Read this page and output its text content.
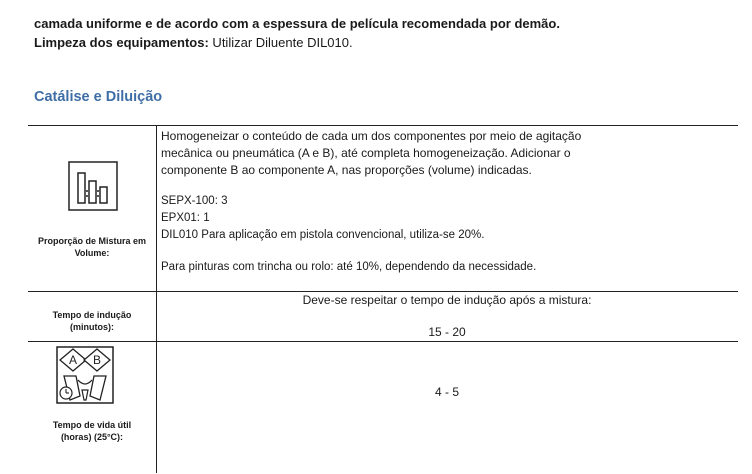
camada uniforme e de acordo com a espessura de película recomendada por demão.
Limpeza dos equipamentos: Utilizar Diluente DIL010.
Catálise e Diluição
Proporção de Mistura em
Volume:
Homogeneizar o conteúdo de cada um dos componentes por meio de agitação
mecânica ou pneumática (A e B), até completa homogeneização. Adicionar o
componente B ao componente A, nas proporções (volume) indicadas.
SEPX-100: 3
EPX01: 1
DIL010 Para aplicação em pistola convencional, utiliza-se 20%.
Para pinturas com trincha ou rolo: até 10%, dependendo da necessidade.
Tempo de indução
(minutos):
Deve-se respeitar o tempo de indução após a mistura:
15 - 20
A B
Tempo de vida útil
(horas) (25°C):
4 - 5
